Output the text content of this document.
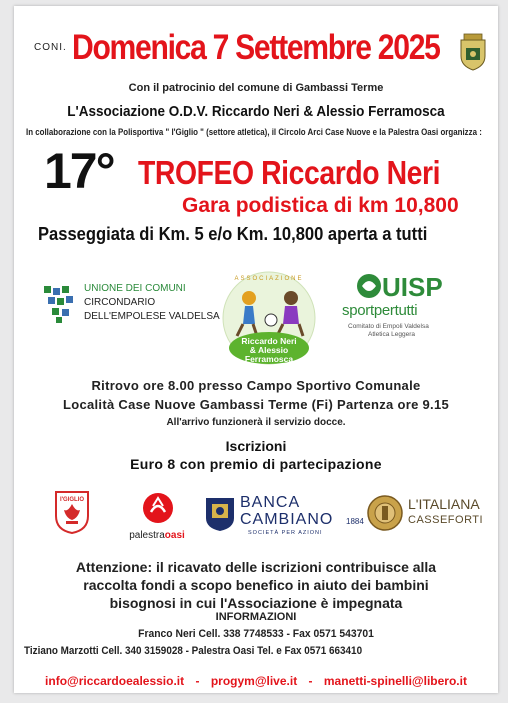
CONI. Domenica 7 Settembre 2025
Con il patrocinio del comune di Gambassi Terme
L'Associazione O.D.V. Riccardo Neri & Alessio Ferramosca
In collaborazione con la Polisportiva " l'Giglio " (settore atletica), il Circolo Arci Case Nuove e la Palestra Oasi organizza :
17° TROFEO Riccardo Neri
Gara podistica di km 10,800
Passeggiata di Km. 5 e/o Km. 10,800 aperta a tutti
UNIONE DEI COMUNI
CIRCONDARIO
DELL'EMPOLESE VALDELSA
ASSOCIAZIONE
Riccardo Neri
& Alessio
Ferramosca
UISP
sportpertutti
Comitato di Empoli Valdelsa
Atletica Leggera
Ritrovo ore 8.00 presso Campo Sportivo Comunale
Località Case Nuove Gambassi Terme (Fi) Partenza ore 9.15
All'arrivo funzionerà il servizio docce.
Iscrizioni
Euro 8 con premio di partecipazione
I'GIGLIO
palestraoasi
BANCA
CAMBIANO 1884
SOCIETÀ PER AZIONI
L'ITALIANA
CASSEFORTI
Attenzione: il ricavato delle iscrizioni contribuisce alla
raccolta fondi a scopo benefico in aiuto dei bambini
bisognosi in cui l'Associazione è impegnata
INFORMAZIONI
Franco Neri Cell. 338 7748533 - Fax 0571 543701
Tiziano Marzotti Cell. 340 3159028 - Palestra Oasi Tel. e Fax 0571 663410
info@riccardoealessio.it - progym@live.it - manetti-spinelli@libero.it
